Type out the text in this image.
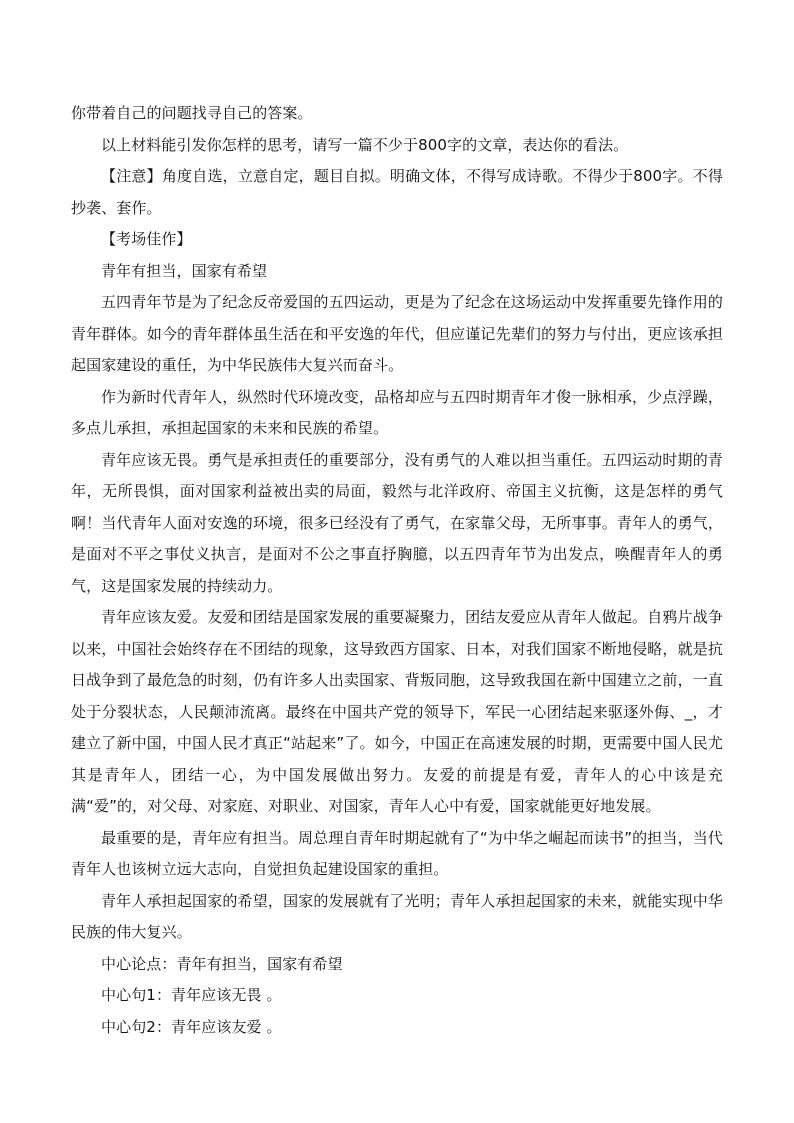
你带着自己的问题找寻自己的答案。

以上材料能引发你怎样的思考，请写一篇不少于800字的文章，表达你的看法。

【注意】角度自选，立意自定，题目自拟。明确文体，不得写成诗歌。不得少于800字。不得抄袭、套作。

【考场佳作】

青年有担当，国家有希望

五四青年节是为了纪念反帝爱国的五四运动，更是为了纪念在这场运动中发挥重要先锋作用的青年群体。如今的青年群体虽生活在和平安逸的年代，但应谨记先辈们的努力与付出，更应该承担起国家建设的重任，为中华民族伟大复兴而奋斗。

作为新时代青年人，纵然时代环境改变，品格却应与五四时期青年才俊一脉相承，少点浮躁，多点儿承担，承担起国家的未来和民族的希望。

青年应该无畏。勇气是承担责任的重要部分，没有勇气的人难以担当重任。五四运动时期的青年，无所畏惧，面对国家利益被出卖的局面，毅然与北洋政府、帝国主义抗衡，这是怎样的勇气啊！当代青年人面对安逸的环境，很多已经没有了勇气，在家靠父母，无所事事。青年人的勇气，是面对不平之事仗义执言，是面对不公之事直抒胸臆，以五四青年节为出发点，唤醒青年人的勇气，这是国家发展的持续动力。

青年应该友爱。友爱和团结是国家发展的重要凝聚力，团结友爱应从青年人做起。自鸦片战争以来，中国社会始终存在不团结的现象，这导致西方国家、日本，对我们国家不断地侵略，就是抗日战争到了最危急的时刻，仍有许多人出卖国家、背叛同胞，这导致我国在新中国建立之前，一直处于分裂状态，人民颠沛流离。最终在中国共产党的领导下，军民一心团结起来驱逐外侮、_，才建立了新中国，中国人民才真正“站起来”了。如今，中国正在高速发展的时期，更需要中国人民尤其是青年人，团结一心，为中国发展做出努力。友爱的前提是有爱，青年人的心中该是充满“爱”的，对父母、对家庭、对职业、对国家，青年人心中有爱，国家就能更好地发展。

最重要的是，青年应有担当。周总理自青年时期起就有了“为中华之崛起而读书”的担当，当代青年人也该树立远大志向，自觉担负起建设国家的重担。

青年人承担起国家的希望，国家的发展就有了光明；青年人承担起国家的未来，就能实现中华民族的伟大复兴。

中心论点：青年有担当，国家有希望

中心句1：青年应该无畏 。

中心句2：青年应该友爱 。
